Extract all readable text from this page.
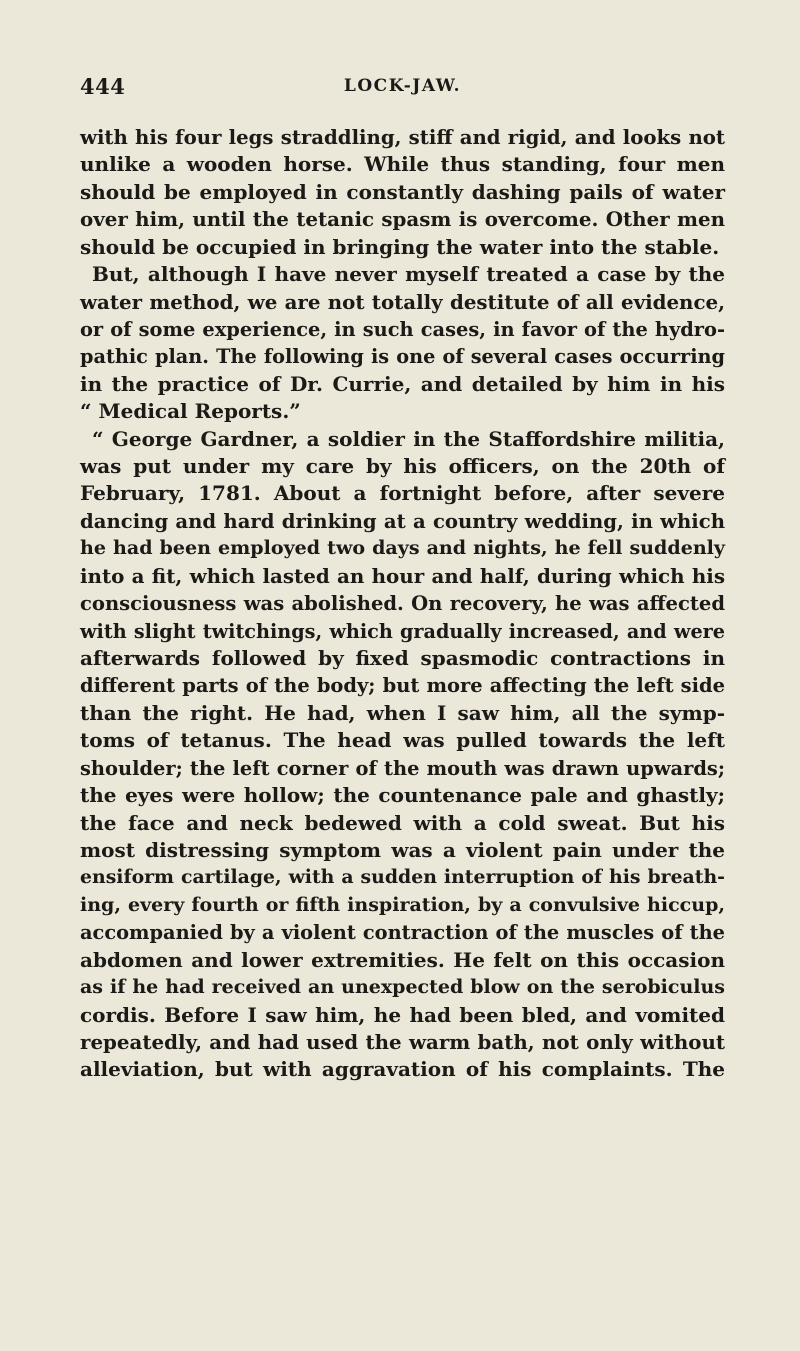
444	LOCK-JAW.
with his four legs straddling, stiff and rigid, and looks not
unlike a wooden horse. While thus standing, four men
should be employed in constantly dashing pails of water
over him, until the tetanic spasm is overcome. Other men
should be occupied in bringing the water into the stable.
But, although I have never myself treated a case by the
water method, we are not totally destitute of all evidence,
or of some experience, in such cases, in favor of the hydro-
pathic plan. The following is one of several cases occurring
in the practice of Dr. Currie, and detailed by him in his
“ Medical Reports.”
“ George Gardner, a soldier in the Staffordshire militia,
was put under my care by his officers, on the 20th of
February, 1781. About a fortnight before, after severe
dancing and hard drinking at a country wedding, in which
he had been employed two days and nights, he fell suddenly
into a fit, which lasted an hour and half, during which his
consciousness was abolished. On recovery, he was affected
with slight twitchings, which gradually increased, and were
afterwards followed by fixed spasmodic contractions in
different parts of the body; but more affecting the left side
than the right. He had, when I saw him, all the symp-
toms of tetanus. The head was pulled towards the left
shoulder; the left corner of the mouth was drawn upwards;
the eyes were hollow; the countenance pale and ghastly;
the face and neck bedewed with a cold sweat. But his
most distressing symptom was a violent pain under the
ensiform cartilage, with a sudden interruption of his breath-
ing, every fourth or fifth inspiration, by a convulsive hiccup,
accompanied by a violent contraction of the muscles of the
abdomen and lower extremities. He felt on this occasion
as if he had received an unexpected blow on the serobiculus
cordis. Before I saw him, he had been bled, and vomited
repeatedly, and had used the warm bath, not only without
alleviation, but with aggravation of his complaints. The
